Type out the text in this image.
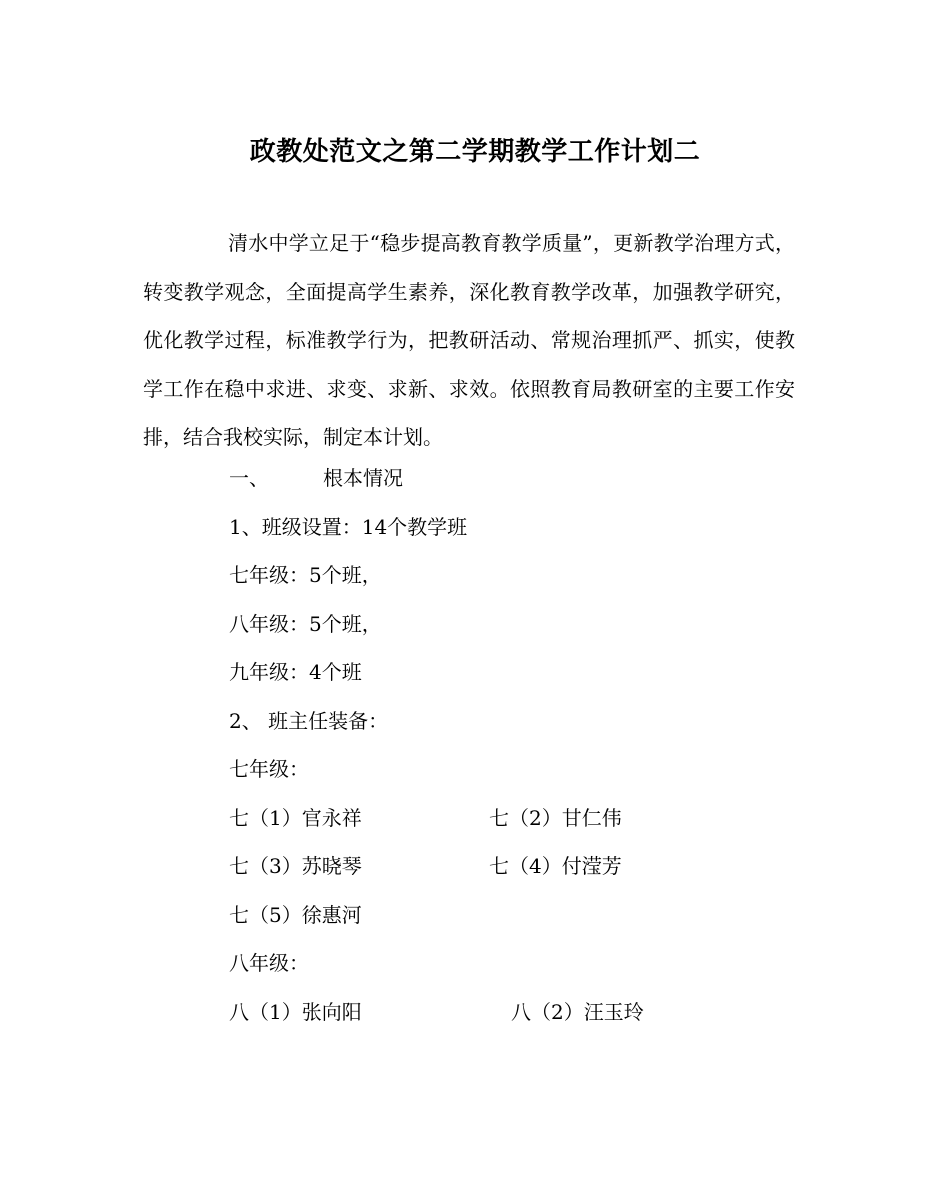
政教处范文之第二学期教学工作计划二
清水中学立足于“稳步提高教育教学质量”，更新教学治理方式，转变教学观念，全面提高学生素养，深化教育教学改革，加强教学研究，优化教学过程，标准教学行为，把教研活动、常规治理抓严、抓实，使教学工作在稳中求进、求变、求新、求效。依照教育局教研室的主要工作安排，结合我校实际，制定本计划。
一、	根本情况
1、班级设置：14个教学班
七年级：5个班，
八年级：5个班，
九年级：4个班
2、 班主任装备：
七年级：
七（1）官永祥	七（2）甘仁伟
七（3）苏晓琴	七（4）付滢芳
七（5）徐惠河
八年级：
八（1）张向阳	八（2）汪玉玲
